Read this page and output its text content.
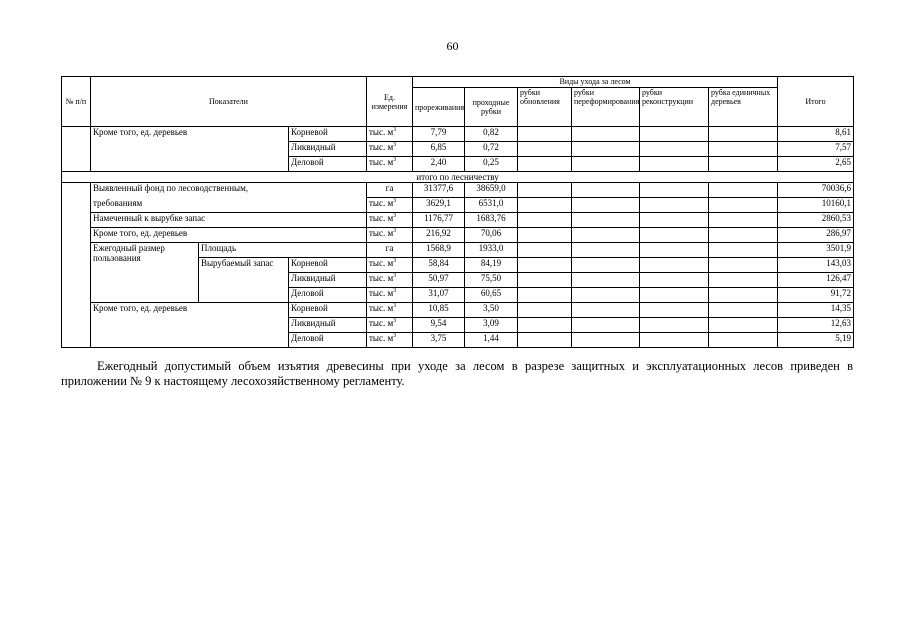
60
№ п/п	Показатели			Ед. измерения	Виды ухода за лесом						Итого
					прореживания	проходные рубки	рубки обновления	рубки переформирования	рубки реконструкции	рубка единичных деревьев	
	Кроме того, ед. деревьев		Корневой	тыс. $м^3$	7,79	0,82					8,61
			Ликвидный	тыс. $м^3$	6,85	0,72					7,57
			Деловой	тыс. $м^3$	2,40	0,25					2,65
итого по лесничеству											
	Выявленный фонд по лесоводственным,			га	31377,6	38659,0					70036,6
	требованиям			тыс. $м^3$	3629,1	6531,0					10160,1
	Намеченный к вырубке запас			тыс. $м^3$	1176,77	1683,76					2860,53
	Кроме того, ед. деревьев			тыс. $м^3$	216,92	70,06					286,97
	Ежегодный размер пользования	Площадь		га	1568,9	1933,0					3501,9
		Вырубаемый запас	Корневой	тыс. $м^3$	58,84	84,19					143,03
			Ликвидный	тыс. $м^3$	50,97	75,50					126,47
			Деловой	тыс. $м^3$	31,07	60,65					91,72
	Кроме того, ед. деревьев		Корневой	тыс. $м^3$	10,85	3,50					14,35
			Ликвидный	тыс. $м^3$	9,54	3,09					12,63
			Деловой	тыс. $м^3$	3,75	1,44					5,19
Ежегодный допустимый объем изъятия древесины при уходе за лесом в разрезе защитных и эксплуатационных лесов приведен в приложении № 9 к настоящему лесохозяйственному регламенту.
